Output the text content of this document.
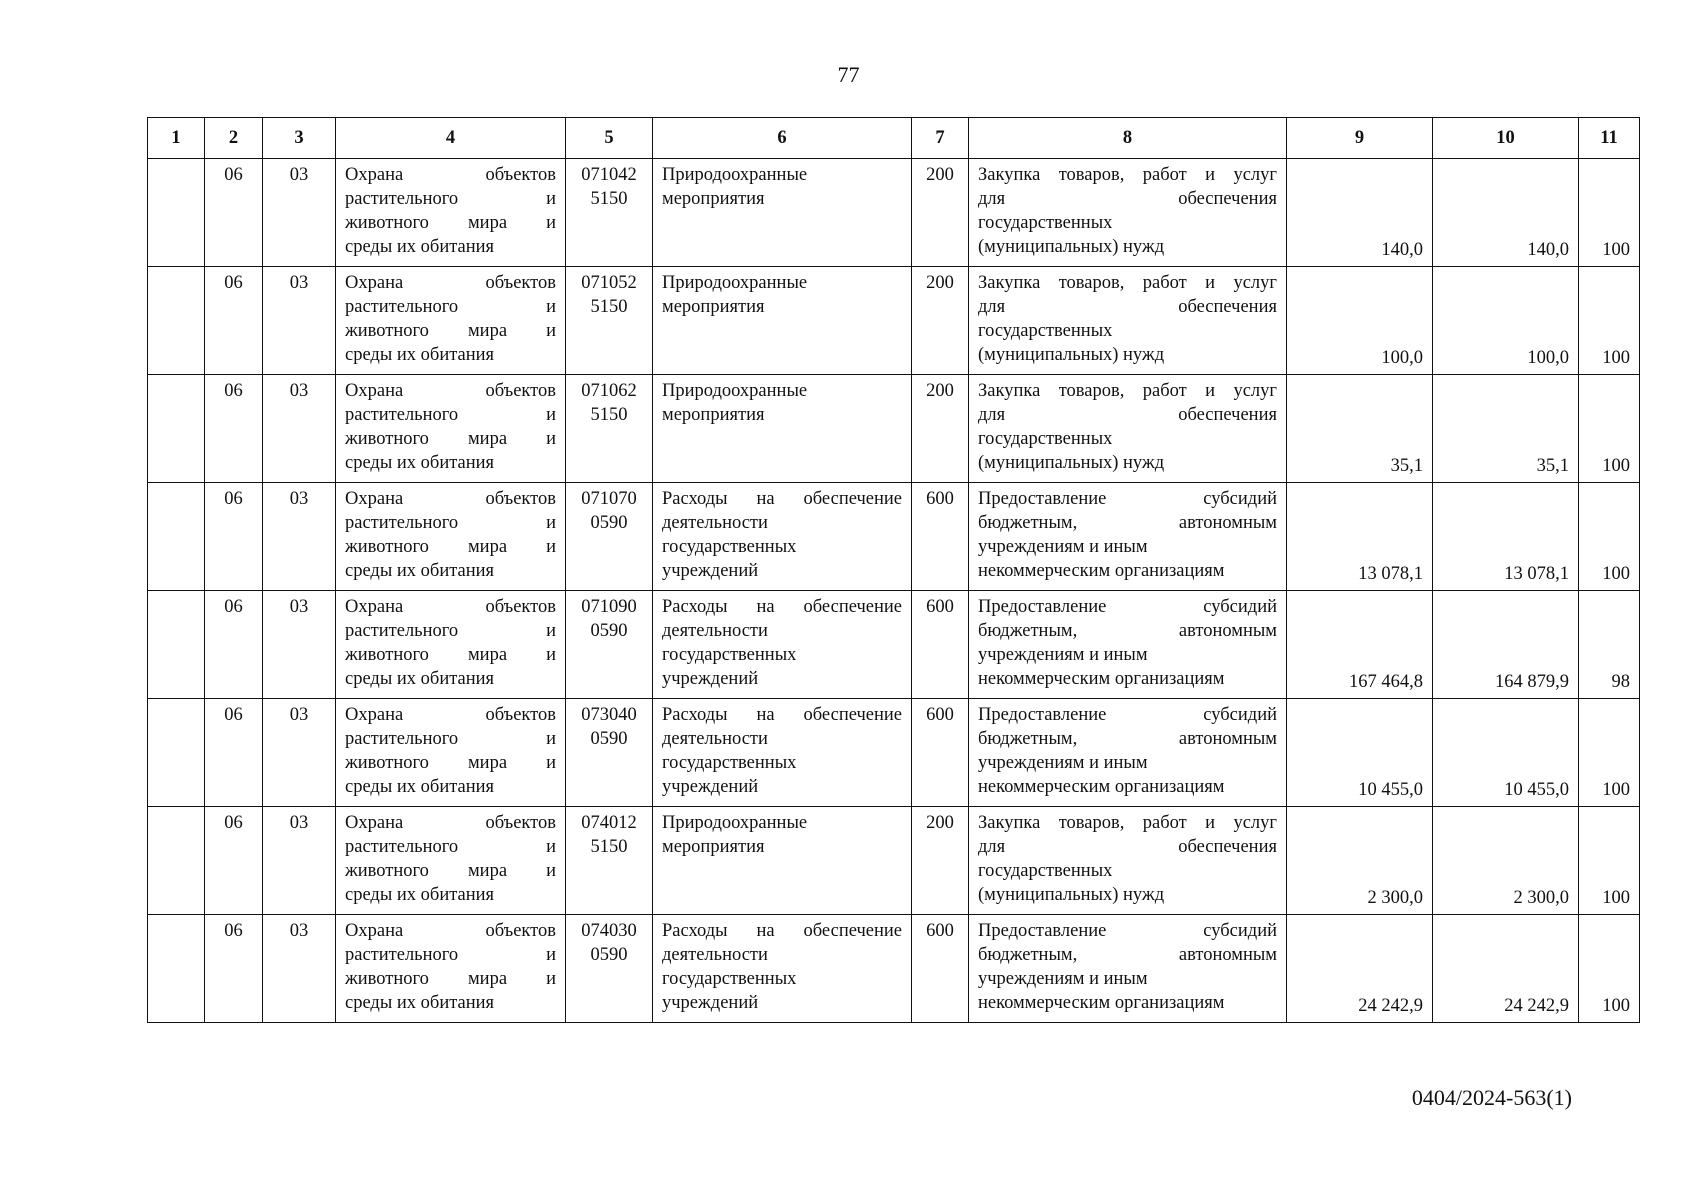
77
1	2	3	4	5	6	7	8	9	10	11
	06	03	Охрана объектов
растительного и
животного мира и
среды их обитания	071042
5150	Природоохранные
мероприятия	200	Закупка товаров, работ и услуг
для обеспечения
государственных
(муниципальных) нужд	140,0	140,0	100
	06	03	Охрана объектов
растительного и
животного мира и
среды их обитания	071052
5150	Природоохранные
мероприятия	200	Закупка товаров, работ и услуг
для обеспечения
государственных
(муниципальных) нужд	100,0	100,0	100
	06	03	Охрана объектов
растительного и
животного мира и
среды их обитания	071062
5150	Природоохранные
мероприятия	200	Закупка товаров, работ и услуг
для обеспечения
государственных
(муниципальных) нужд	35,1	35,1	100
	06	03	Охрана объектов
растительного и
животного мира и
среды их обитания	071070
0590	Расходы на обеспечение
деятельности
государственных
учреждений	600	Предоставление субсидий
бюджетным, автономным
учреждениям и иным
некоммерческим организациям	13 078,1	13 078,1	100
	06	03	Охрана объектов
растительного и
животного мира и
среды их обитания	071090
0590	Расходы на обеспечение
деятельности
государственных
учреждений	600	Предоставление субсидий
бюджетным, автономным
учреждениям и иным
некоммерческим организациям	167 464,8	164 879,9	98
	06	03	Охрана объектов
растительного и
животного мира и
среды их обитания	073040
0590	Расходы на обеспечение
деятельности
государственных
учреждений	600	Предоставление субсидий
бюджетным, автономным
учреждениям и иным
некоммерческим организациям	10 455,0	10 455,0	100
	06	03	Охрана объектов
растительного и
животного мира и
среды их обитания	074012
5150	Природоохранные
мероприятия	200	Закупка товаров, работ и услуг
для обеспечения
государственных
(муниципальных) нужд	2 300,0	2 300,0	100
	06	03	Охрана объектов
растительного и
животного мира и
среды их обитания	074030
0590	Расходы на обеспечение
деятельности
государственных
учреждений	600	Предоставление субсидий
бюджетным, автономным
учреждениям и иным
некоммерческим организациям	24 242,9	24 242,9	100
0404/2024-563(1)
